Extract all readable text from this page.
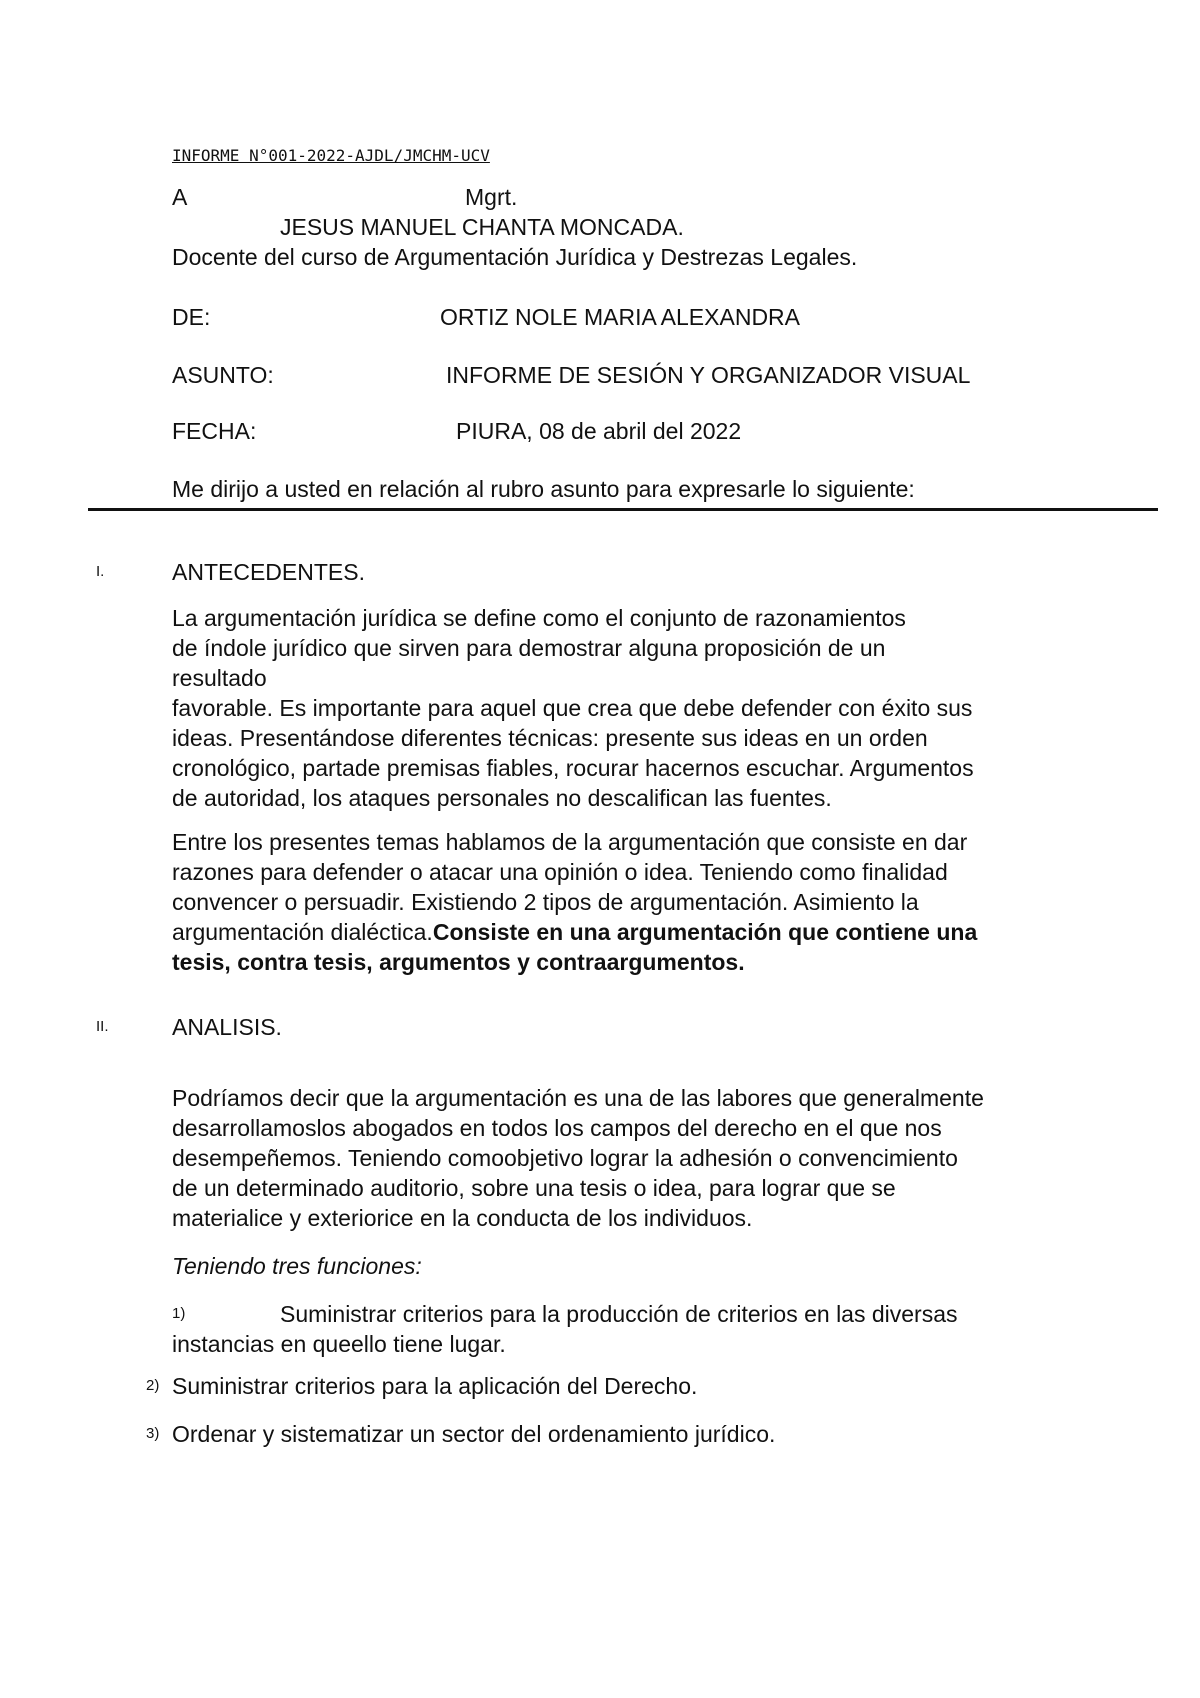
INFORME N°001-2022-AJDL/JMCHM-UCV
A	Mgrt.
JESUS MANUEL CHANTA MONCADA.
Docente del curso de Argumentación Jurídica y Destrezas Legales.
DE:	ORTIZ NOLE MARIA ALEXANDRA
ASUNTO:	INFORME DE SESIÓN Y ORGANIZADOR VISUAL
FECHA:	PIURA, 08 de abril del 2022
Me dirijo a usted en relación al rubro asunto para expresarle lo siguiente:
I.	ANTECEDENTES.

La argumentación jurídica se define como el conjunto de razonamientos

de índole jurídico que sirven para demostrar alguna proposición de un

resultado

favorable. Es importante para aquel que crea que debe defender con éxito sus

ideas. Presentándose diferentes técnicas: presente sus ideas en un orden

cronológico, partade premisas fiables, rocurar hacernos escuchar. Argumentos

de autoridad, los ataques personales no descalifican las fuentes.

Entre los presentes temas hablamos de la argumentación que consiste en dar

razones para defender o atacar una opinión o idea. Teniendo como finalidad

convencer o persuadir. Existiendo 2 tipos de argumentación. Asimiento la

argumentación dialéctica.Consiste en una argumentación que contiene una

tesis, contra tesis, argumentos y contraargumentos.

II.	ANALISIS.

Podríamos decir que la argumentación es una de las labores que generalmente

desarrollamoslos abogados en todos los campos del derecho en el que nos

desempeñemos. Teniendo comoobjetivo lograr la adhesión o convencimiento

de un determinado auditorio, sobre una tesis o idea, para lograr que se

materialice y exteriorice en la conducta de los individuos.

Teniendo tres funciones:
1)	Suministrar criterios para la producción de criterios en las diversas
instancias en queello tiene lugar.
2) Suministrar criterios para la aplicación del Derecho.
3) Ordenar y sistematizar un sector del ordenamiento jurídico.
